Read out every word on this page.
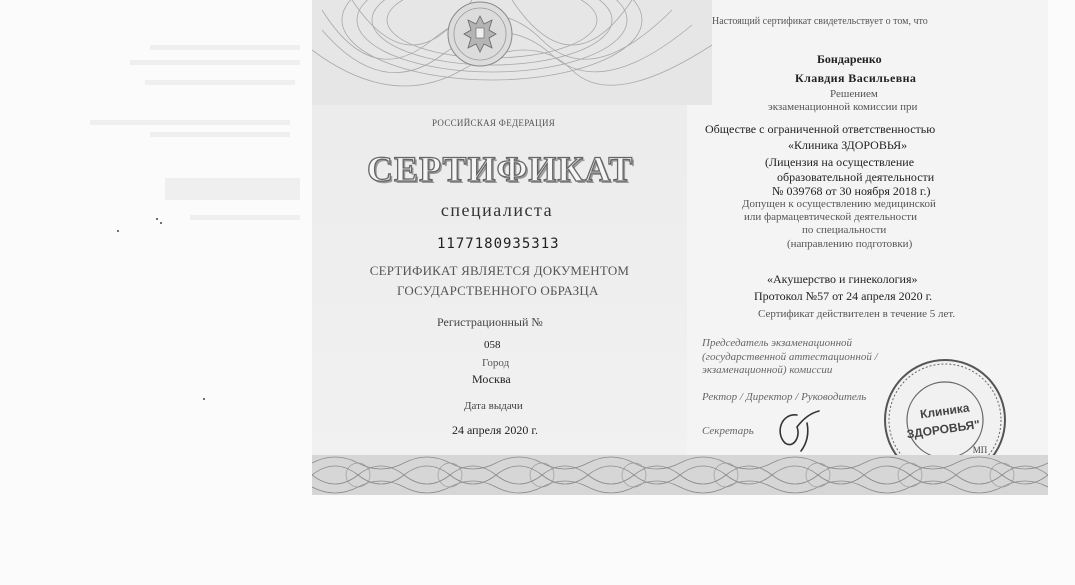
РОССИЙСКАЯ ФЕДЕРАЦИЯ
СЕРТИФИКАТ
специалиста
1177180935313
СЕРТИФИКАТ ЯВЛЯЕТСЯ ДОКУМЕНТОМ
ГОСУДАРСТВЕННОГО ОБРАЗЦА
Регистрационный №
058
Город
Москва
Дата выдачи
24 апреля 2020 г.
Настоящий сертификат свидетельствует о том, что
Бондаренко
Клавдия Васильевна
Решением
экзаменационной комиссии при
Обществе с ограниченной ответственностью
«Клиника ЗДОРОВЬЯ»
(Лицензия на осуществление
образовательной деятельности
№ 039768 от 30 ноября 2018 г.)
Допущен к осуществлению медицинской
или фармацевтической деятельности
по специальности
(направлению подготовки)
«Акушерство и гинекология»
Протокол №57 от 24 апреля 2020 г.
Сертификат действителен в течение 5 лет.
Председатель экзаменационной
(государственной аттестационной /
экзаменационной) комиссии
Ректор / Директор / Руководитель
Секретарь
Клиника
ЗДОРОВЬЯ"
МП
